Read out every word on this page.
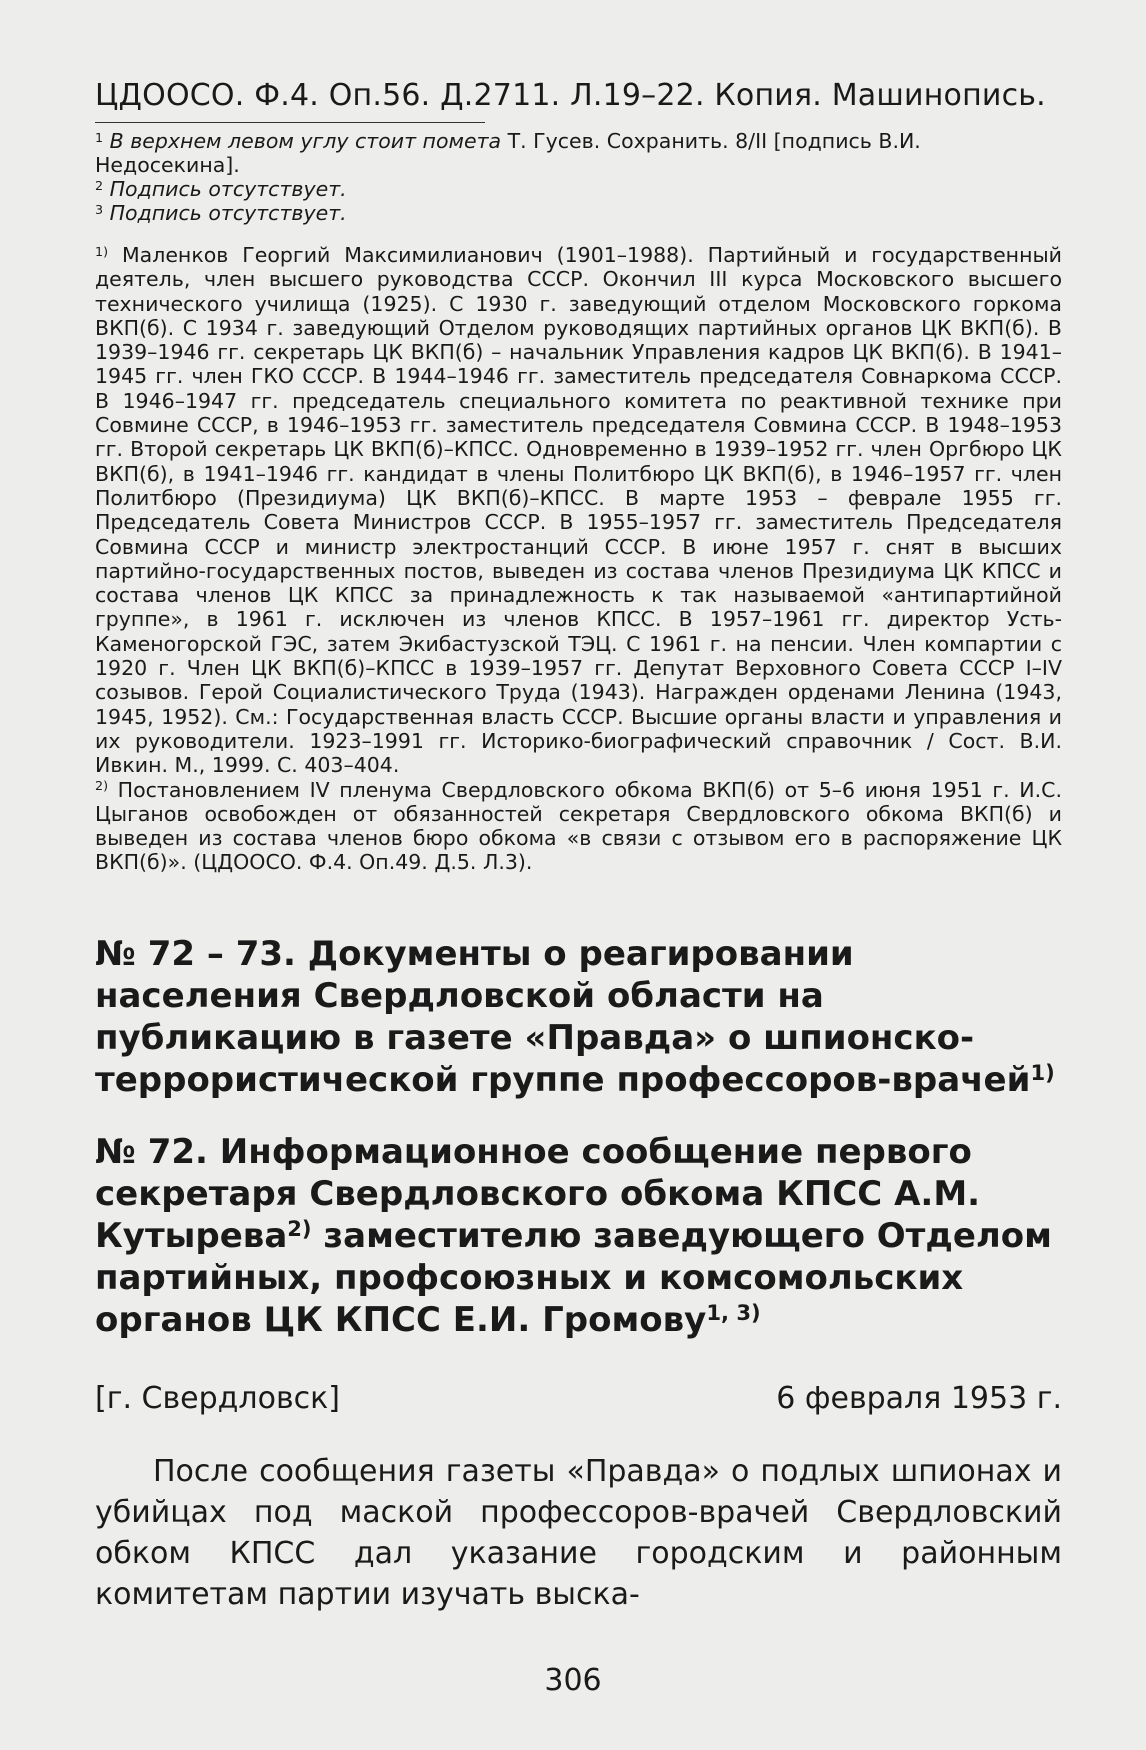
ЦДООСО. Ф.4. Оп.56. Д.2711. Л.19–22. Копия. Машинопись.

$^1$ В верхнем левом углу стоит помета Т. Гусев. Сохранить. 8/II [подпись В.И. Недосекина].

$^2$ Подпись отсутствует.

$^3$ Подпись отсутствует.

$^{1)}$ Маленков Георгий Максимилианович (1901–1988). Партийный и государственный деятель, член высшего руководства СССР. Окончил III курса Московского высшего технического училища (1925). С 1930 г. заведующий отделом Московского горкома ВКП(б). С 1934 г. заведующий Отделом руководящих партийных органов ЦК ВКП(б). В 1939–1946 гг. секретарь ЦК ВКП(б) – начальник Управления кадров ЦК ВКП(б). В 1941–1945 гг. член ГКО СССР. В 1944–1946 гг. заместитель председателя Совнаркома СССР. В 1946–1947 гг. председатель специального комитета по реактивной технике при Совмине СССР, в 1946–1953 гг. заместитель председателя Совмина СССР. В 1948–1953 гг. Второй секретарь ЦК ВКП(б)–КПСС. Одновременно в 1939–1952 гг. член Оргбюро ЦК ВКП(б), в 1941–1946 гг. кандидат в члены Политбюро ЦК ВКП(б), в 1946–1957 гг. член Политбюро (Президиума) ЦК ВКП(б)–КПСС. В марте 1953 – феврале 1955 гг. Председатель Совета Министров СССР. В 1955–1957 гг. заместитель Председателя Совмина СССР и министр электростанций СССР. В июне 1957 г. снят в высших партийно-государственных постов, выведен из состава членов Президиума ЦК КПСС и состава членов ЦК КПСС за принадлежность к так называемой «антипартийной группе», в 1961 г. исключен из членов КПСС. В 1957–1961 гг. директор Усть-Каменогорской ГЭС, затем Экибастузской ТЭЦ. С 1961 г. на пенсии. Член компартии с 1920 г. Член ЦК ВКП(б)–КПСС в 1939–1957 гг. Депутат Верховного Совета СССР I–IV созывов. Герой Социалистического Труда (1943). Награжден орденами Ленина (1943, 1945, 1952). См.: Государственная власть СССР. Высшие органы власти и управления и их руководители. 1923–1991 гг. Историко-биографический справочник / Сост. В.И. Ивкин. М., 1999. С. 403–404.

$^{2)}$ Постановлением IV пленума Свердловского обкома ВКП(б) от 5–6 июня 1951 г. И.С. Цыганов освобожден от обязанностей секретаря Свердловского обкома ВКП(б) и выведен из состава членов бюро обкома «в связи с отзывом его в распоряжение ЦК ВКП(б)». (ЦДООСО. Ф.4. Оп.49. Д.5. Л.3).

№ 72 – 73. Документы о реагировании населения Свердловской области на публикацию в газете «Правда» о шпионско-террористической группе профессоров-врачей$^{1)}$
№ 72. Информационное сообщение первого секретаря Свердловского обкома КПСС А.М. Кутырева$^{2)}$ заместителю заведующего Отделом партийных, профсоюзных и комсомольских органов ЦК КПСС Е.И. Громову$^{1, 3)}$
[г. Свердловск]	6 февраля 1953 г.

После сообщения газеты «Правда» о подлых шпионах и убийцах под маской профессоров-врачей Свердловский обком КПСС дал указание городским и районным комитетам партии изучать выска-

306
